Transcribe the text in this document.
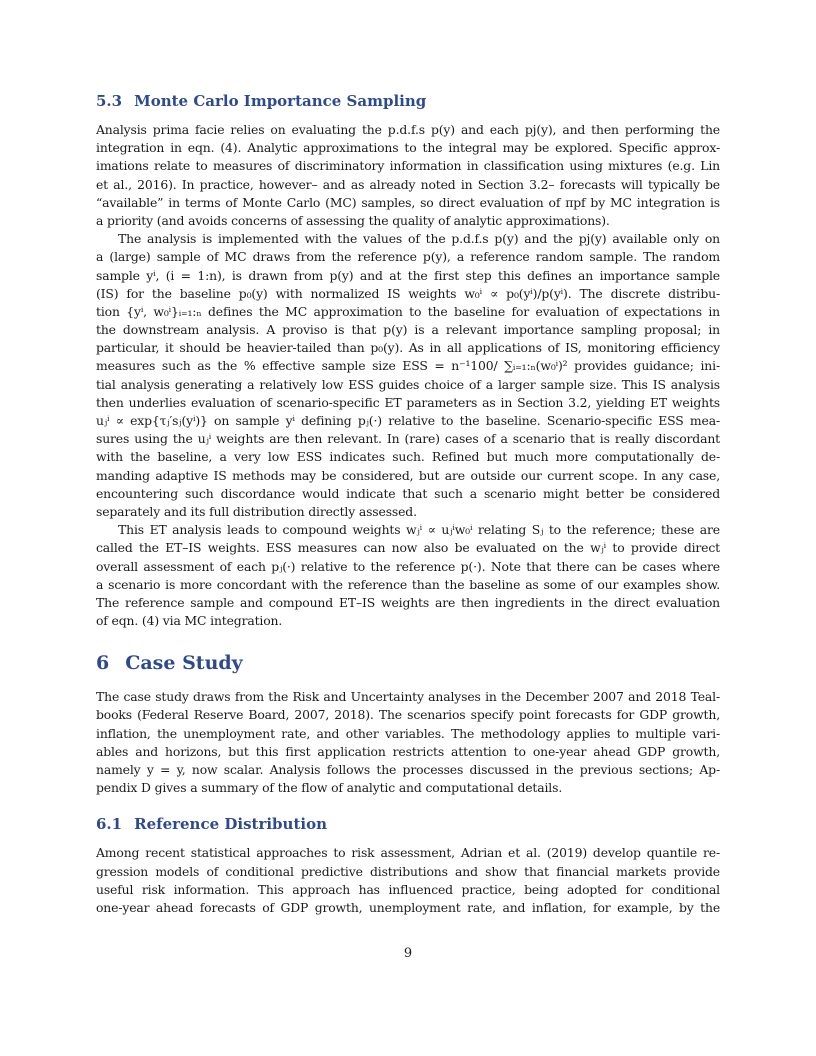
5.3 Monte Carlo Importance Sampling
Analysis prima facie relies on evaluating the p.d.f.s p(y) and each pj(y), and then performing the
integration in eqn. (4). Analytic approximations to the integral may be explored. Specific approx-
imations relate to measures of discriminatory information in classification using mixtures (e.g. Lin
et al., 2016). In practice, however– and as already noted in Section 3.2– forecasts will typically be
“available” in terms of Monte Carlo (MC) samples, so direct evaluation of πpf by MC integration is
a priority (and avoids concerns of assessing the quality of analytic approximations).
The analysis is implemented with the values of the p.d.f.s p(y) and the pj(y) available only on
a (large) sample of MC draws from the reference p(y), a reference random sample. The random
sample yⁱ, (i = 1:n), is drawn from p(y) and at the first step this defines an importance sample
(IS) for the baseline p₀(y) with normalized IS weights w₀ⁱ ∝ p₀(yⁱ)/p(yⁱ). The discrete distribu-
tion {yⁱ, w₀ⁱ}ᵢ₌₁:ₙ defines the MC approximation to the baseline for evaluation of expectations in
the downstream analysis. A proviso is that p(y) is a relevant importance sampling proposal; in
particular, it should be heavier-tailed than p₀(y). As in all applications of IS, monitoring efficiency
measures such as the % effective sample size ESS = n⁻¹100/ ∑ᵢ₌₁:ₙ(w₀ⁱ)² provides guidance; ini-
tial analysis generating a relatively low ESS guides choice of a larger sample size. This IS analysis
then underlies evaluation of scenario-specific ET parameters as in Section 3.2, yielding ET weights
uⱼⁱ ∝ exp{τⱼ′sⱼ(yⁱ)} on sample yⁱ defining pⱼ(·) relative to the baseline. Scenario-specific ESS mea-
sures using the uⱼⁱ weights are then relevant. In (rare) cases of a scenario that is really discordant
with the baseline, a very low ESS indicates such. Refined but much more computationally de-
manding adaptive IS methods may be considered, but are outside our current scope. In any case,
encountering such discordance would indicate that such a scenario might better be considered
separately and its full distribution directly assessed.
This ET analysis leads to compound weights wⱼⁱ ∝ uⱼⁱw₀ⁱ relating Sⱼ to the reference; these are
called the ET–IS weights. ESS measures can now also be evaluated on the wⱼⁱ to provide direct
overall assessment of each pⱼ(·) relative to the reference p(·). Note that there can be cases where
a scenario is more concordant with the reference than the baseline as some of our examples show.
The reference sample and compound ET–IS weights are then ingredients in the direct evaluation
of eqn. (4) via MC integration.
6 Case Study
The case study draws from the Risk and Uncertainty analyses in the December 2007 and 2018 Teal-
books (Federal Reserve Board, 2007, 2018). The scenarios specify point forecasts for GDP growth,
inflation, the unemployment rate, and other variables. The methodology applies to multiple vari-
ables and horizons, but this first application restricts attention to one-year ahead GDP growth,
namely y = y, now scalar. Analysis follows the processes discussed in the previous sections; Ap-
pendix D gives a summary of the flow of analytic and computational details.
6.1 Reference Distribution
Among recent statistical approaches to risk assessment, Adrian et al. (2019) develop quantile re-
gression models of conditional predictive distributions and show that financial markets provide
useful risk information. This approach has influenced practice, being adopted for conditional
one-year ahead forecasts of GDP growth, unemployment rate, and inflation, for example, by the
9
